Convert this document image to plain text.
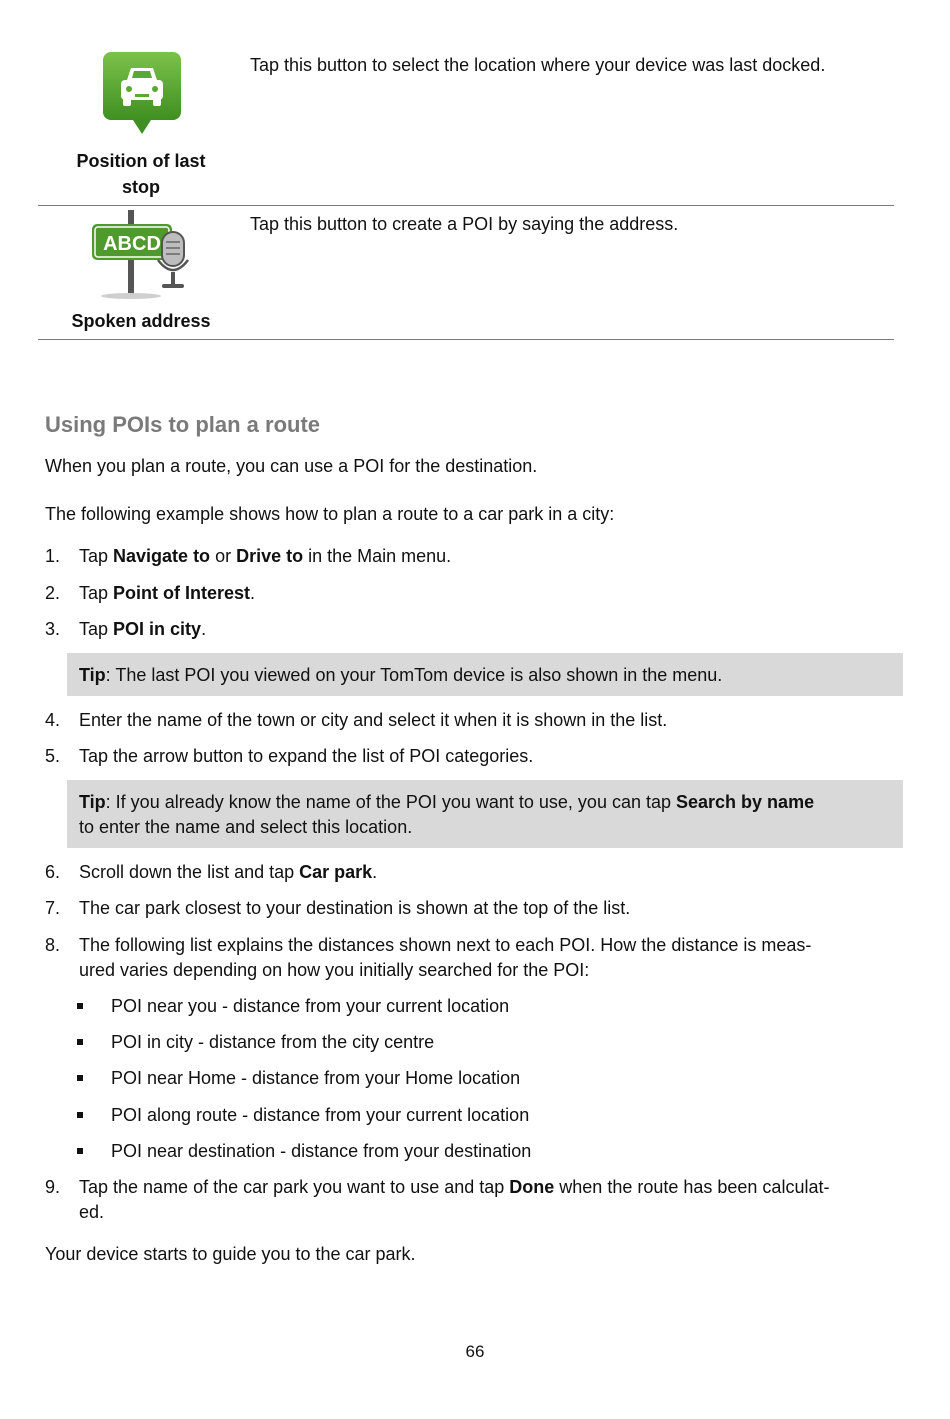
Position of last
stop
Tap this button to select the location where your device was last docked.
ABCD
Spoken address
Tap this button to create a POI by saying the address.
Using POIs to plan a route
When you plan a route, you can use a POI for the destination.
The following example shows how to plan a route to a car park in a city:
1. Tap Navigate to or Drive to in the Main menu.
2. Tap Point of Interest.
3. Tap POI in city.
Tip: The last POI you viewed on your TomTom device is also shown in the menu.
4. Enter the name of the town or city and select it when it is shown in the list.
5. Tap the arrow button to expand the list of POI categories.
Tip: If you already know the name of the POI you want to use, you can tap Search by name
to enter the name and select this location.
6. Scroll down the list and tap Car park.
7. The car park closest to your destination is shown at the top of the list.
8. The following list explains the distances shown next to each POI. How the distance is meas-
ured varies depending on how you initially searched for the POI:
POI near you - distance from your current location
POI in city - distance from the city centre
POI near Home - distance from your Home location
POI along route - distance from your current location
POI near destination - distance from your destination
9. Tap the name of the car park you want to use and tap Done when the route has been calculat-
ed.
Your device starts to guide you to the car park.
66
